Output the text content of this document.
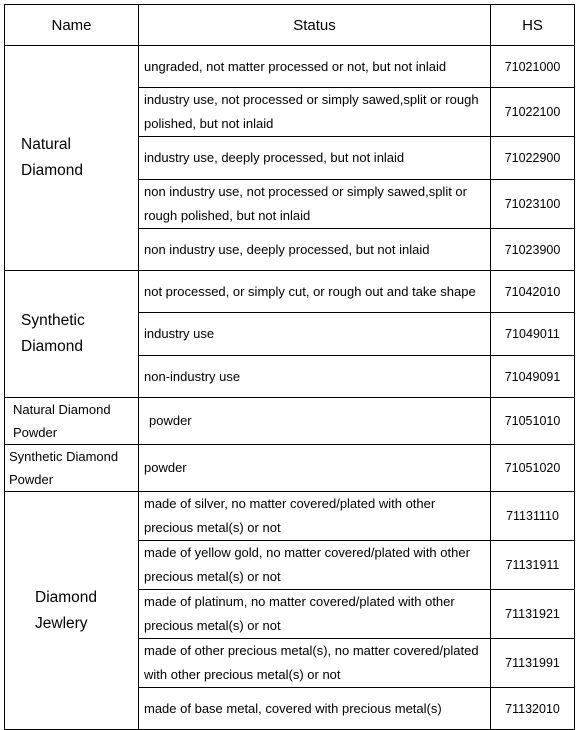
Name	Status	HS
Natural
Diamond	ungraded, not matter processed or not, but not inlaid	71021000
	industry use, not processed or simply sawed,split or rough polished, but not inlaid	71022100
	industry use, deeply processed, but not inlaid	71022900
	non industry use, not processed or simply sawed,split or rough polished, but not inlaid	71023100
	non industry use, deeply processed, but not inlaid	71023900
Synthetic
Diamond	not processed, or simply cut, or rough out and take shape	71042010
	industry use	71049011
	non-industry use	71049091
Natural Diamond
Powder	powder	71051010
Synthetic Diamond
Powder	powder	71051020
Diamond
Jewlery	made of silver, no matter covered/plated with other precious metal(s) or not	71131110
	made of yellow gold, no matter covered/plated with other precious metal(s) or not	71131911
	made of platinum, no matter covered/plated with other precious metal(s) or not	71131921
	made of other precious metal(s), no matter covered/plated with other precious metal(s) or not	71131991
	made of base metal, covered with precious metal(s)	71132010
